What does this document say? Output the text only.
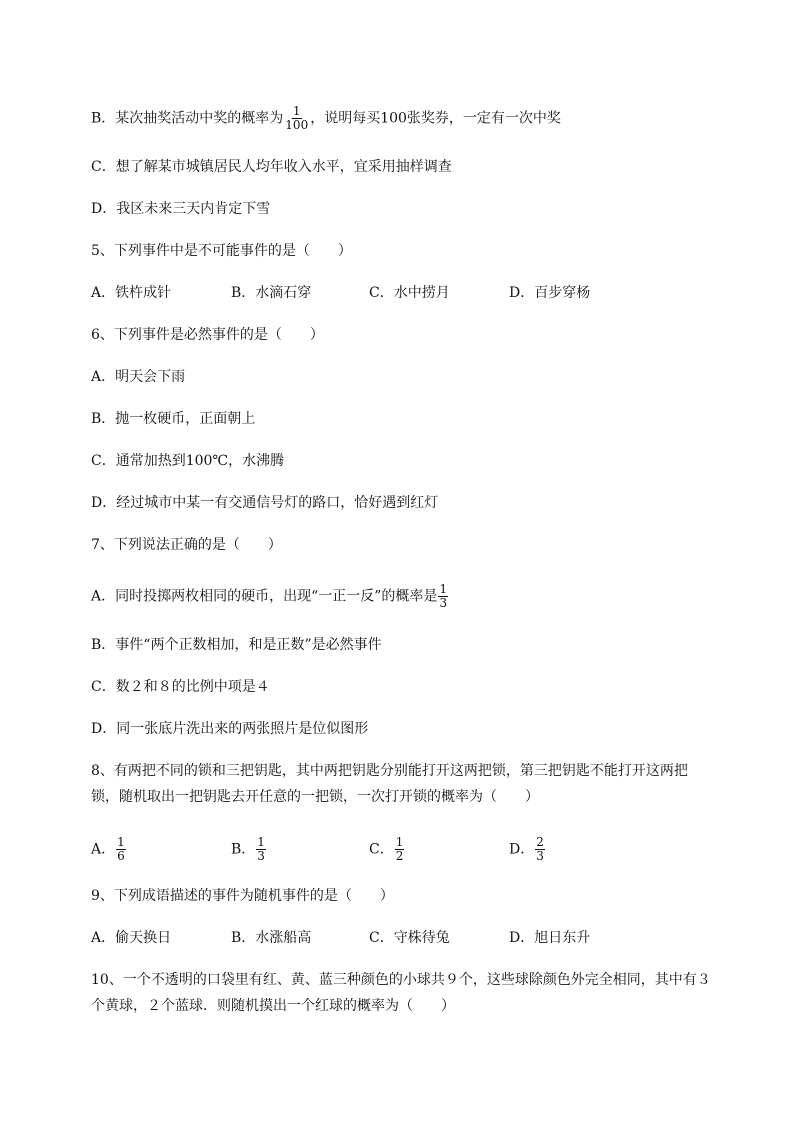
B．某次抽奖活动中奖的概率为 $\frac{1}{100}$ ，说明每买100张奖券，一定有一次中奖
C．想了解某市城镇居民人均年收入水平，宜采用抽样调查
D．我区未来三天内肯定下雪
5、下列事件中是不可能事件的是（　　）
A．铁杵成针	B．水滴石穿	C．水中捞月	D．百步穿杨
6、下列事件是必然事件的是（　　）
A．明天会下雨
B．抛一枚硬币，正面朝上
C．通常加热到100℃，水沸腾
D．经过城市中某一有交通信号灯的路口，恰好遇到红灯
7、下列说法正确的是（　　）
A．同时投掷两枚相同的硬币，出现“一正一反”的概率是 $\frac{1}{3}$
B．事件“两个正数相加，和是正数”是必然事件
C．数２和８的比例中项是４
D．同一张底片洗出来的两张照片是位似图形
8、有两把不同的锁和三把钥匙，其中两把钥匙分别能打开这两把锁，第三把钥匙不能打开这两把
锁，随机取出一把钥匙去开任意的一把锁，一次打开锁的概率为（　　）
A． $\frac{1}{6}$	B． $\frac{1}{3}$	C． $\frac{1}{2}$	D． $\frac{2}{3}$
9、下列成语描述的事件为随机事件的是（　　）
A．偷天换日	B．水涨船高	C．守株待兔	D．旭日东升
10、一个不透明的口袋里有红、黄、蓝三种颜色的小球共９个，这些球除颜色外完全相同，其中有３
个黄球，２个蓝球．则随机摸出一个红球的概率为（　　）
